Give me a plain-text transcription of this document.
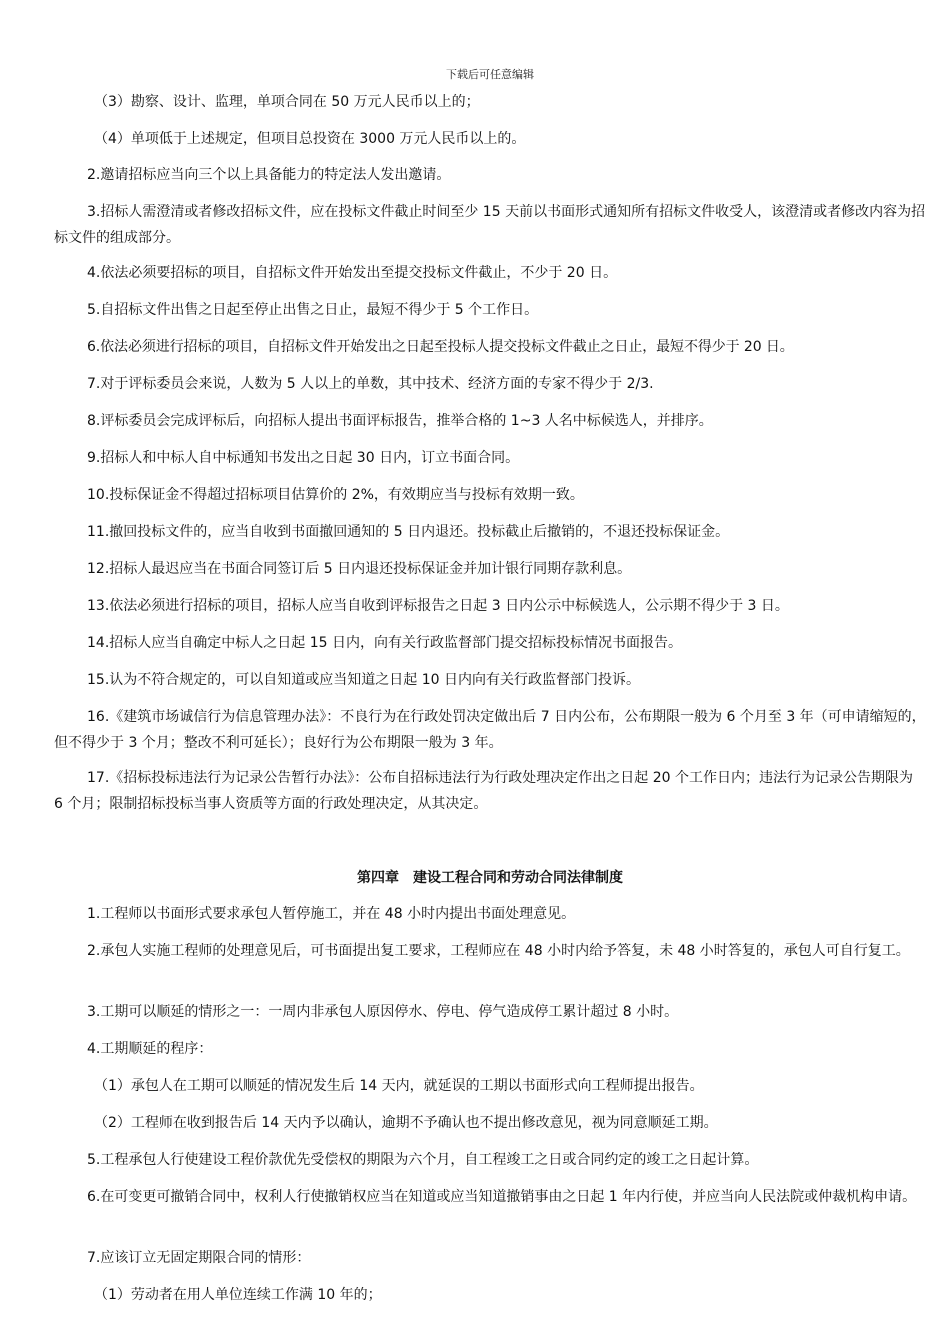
下载后可任意编辑

（3）勘察、设计、监理，单项合同在 50 万元人民币以上的；

（4）单项低于上述规定，但项目总投资在 3000 万元人民币以上的。

2.邀请招标应当向三个以上具备能力的特定法人发出邀请。

3.招标人需澄清或者修改招标文件，应在投标文件截止时间至少 15 天前以书面形式通知所有招标文件收受人，该澄清或者修改内容为招标文件的组成部分。

4.依法必须要招标的项目，自招标文件开始发出至提交投标文件截止，不少于 20 日。

5.自招标文件出售之日起至停止出售之日止，最短不得少于 5 个工作日。

6.依法必须进行招标的项目，自招标文件开始发出之日起至投标人提交投标文件截止之日止，最短不得少于 20 日。

7.对于评标委员会来说，人数为 5 人以上的单数，其中技术、经济方面的专家不得少于 2/3.

8.评标委员会完成评标后，向招标人提出书面评标报告，推举合格的 1~3 人名中标候选人，并排序。

9.招标人和中标人自中标通知书发出之日起 30 日内，订立书面合同。

10.投标保证金不得超过招标项目估算价的 2%，有效期应当与投标有效期一致。

11.撤回投标文件的，应当自收到书面撤回通知的 5 日内退还。投标截止后撤销的，不退还投标保证金。

12.招标人最迟应当在书面合同签订后 5 日内退还投标保证金并加计银行同期存款利息。

13.依法必须进行招标的项目，招标人应当自收到评标报告之日起 3 日内公示中标候选人，公示期不得少于 3 日。

14.招标人应当自确定中标人之日起 15 日内，向有关行政监督部门提交招标投标情况书面报告。

15.认为不符合规定的，可以自知道或应当知道之日起 10 日内向有关行政监督部门投诉。

16.《建筑市场诚信行为信息管理办法》：不良行为在行政处罚决定做出后 7 日内公布，公布期限一般为 6 个月至 3 年（可申请缩短的，但不得少于 3 个月；整改不利可延长）；良好行为公布期限一般为 3 年。

17.《招标投标违法行为记录公告暂行办法》：公布自招标违法行为行政处理决定作出之日起 20 个工作日内；违法行为记录公告期限为 6 个月；限制招标投标当事人资质等方面的行政处理决定，从其决定。

第四章　建设工程合同和劳动合同法律制度

1.工程师以书面形式要求承包人暂停施工，并在 48 小时内提出书面处理意见。

2.承包人实施工程师的处理意见后，可书面提出复工要求，工程师应在 48 小时内给予答复，未 48 小时答复的，承包人可自行复工。

3.工期可以顺延的情形之一：一周内非承包人原因停水、停电、停气造成停工累计超过 8 小时。

4.工期顺延的程序：

（1）承包人在工期可以顺延的情况发生后 14 天内，就延误的工期以书面形式向工程师提出报告。

（2）工程师在收到报告后 14 天内予以确认，逾期不予确认也不提出修改意见，视为同意顺延工期。

5.工程承包人行使建设工程价款优先受偿权的期限为六个月，自工程竣工之日或合同约定的竣工之日起计算。

6.在可变更可撤销合同中，权利人行使撤销权应当在知道或应当知道撤销事由之日起 1 年内行使，并应当向人民法院或仲裁机构申请。

7.应该订立无固定期限合同的情形：

（1）劳动者在用人单位连续工作满 10 年的；
